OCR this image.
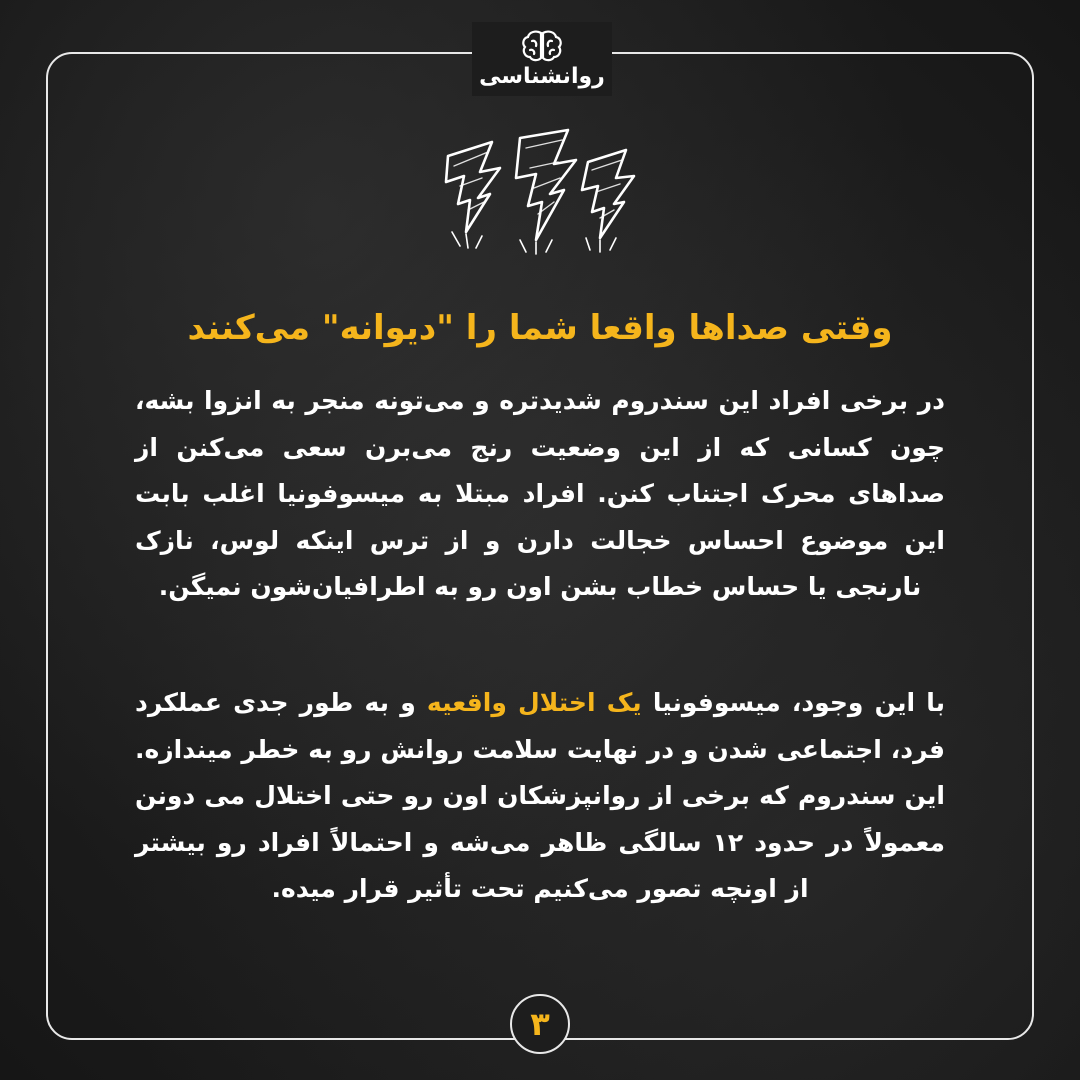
روانشناسی
وقتی صداها واقعا شما را "دیوانه" می‌کنند

در برخی افراد این سندروم شدیدتره و می‌تونه منجر به انزوا بشه، چون کسانی که از این وضعیت رنج می‌برن سعی می‌کنن از صداهای محرک اجتناب کنن. افراد مبتلا به میسوفونیا اغلب بابت این موضوع احساس خجالت دارن و از ترس اینکه لوس، نازک نارنجی یا حساس خطاب بشن اون رو به اطرافیان‌شون نمیگن.

با این وجود، میسوفونیا یک اختلال واقعیه و به طور جدی عملکرد فرد، اجتماعی شدن و در نهایت سلامت روانش رو به خطر میندازه. این سندروم که برخی از روانپزشکان اون رو حتی اختلال می دونن معمولاً در حدود ۱۲ سالگی ظاهر می‌شه و احتمالاً افراد رو بیشتر از اونچه تصور می‌کنیم تحت تأثیر قرار میده.

۳
